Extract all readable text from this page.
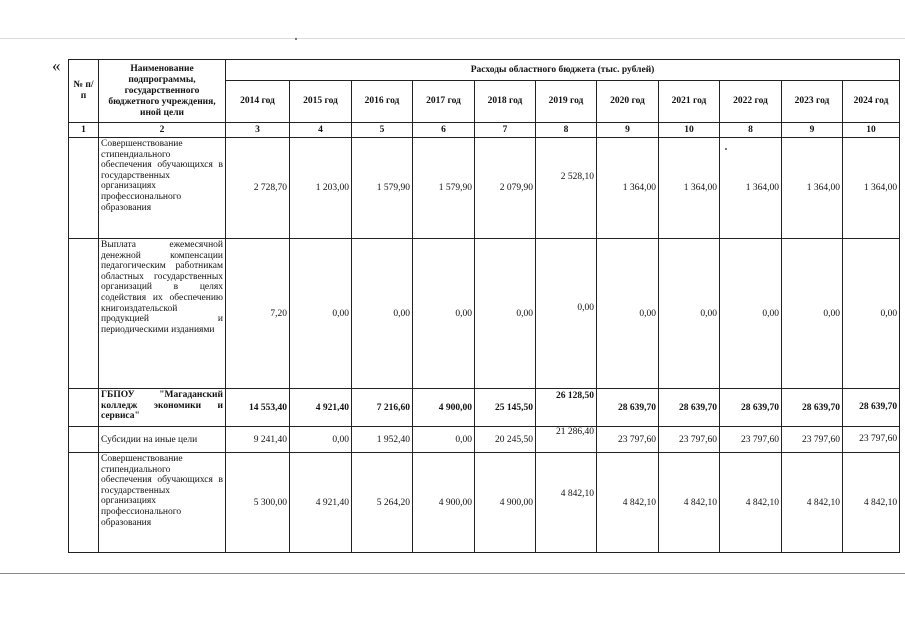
«
№ п/ п	Наименование подпрограммы, государственного бюджетного учреждения, иной цели	Расходы областного бюджета (тыс. рублей)										
		2014 год	2015 год	2016 год	2017 год	2018 год	2019 год	2020 год	2021 год	2022 год	2023 год	2024 год
1	2	3	4	5	6	7	8	9	10	8	9	10
	Совершенствование стипендиального обеспечения обучающихся в государственных организациях профессионального образования	2 728,70	1 203,00	1 579,90	1 579,90	2 079,90	2 528,10	1 364,00	1 364,00	1 364,00	1 364,00	1 364,00
	Выплата ежемесячной денежной компенсации педагогическим работникам областных государственных организаций в целях содействия их обеспечению книгоиздательской продукцией и периодическими изданиями	7,20	0,00	0,00	0,00	0,00	0,00	0,00	0,00	0,00	0,00	0,00
	ГБПОУ "Магаданский колледж экономики и сервиса"	14 553,40	4 921,40	7 216,60	4 900,00	25 145,50	26 128,50	28 639,70	28 639,70	28 639,70	28 639,70	28 639,70
	Субсидии на иные цели	9 241,40	0,00	1 952,40	0,00	20 245,50	21 286,40	23 797,60	23 797,60	23 797,60	23 797,60	23 797,60
	Совершенствование стипендиального обеспечения обучающихся в государственных организациях профессионального образования	5 300,00	4 921,40	5 264,20	4 900,00	4 900,00	4 842,10	4 842,10	4 842,10	4 842,10	4 842,10	4 842,10
